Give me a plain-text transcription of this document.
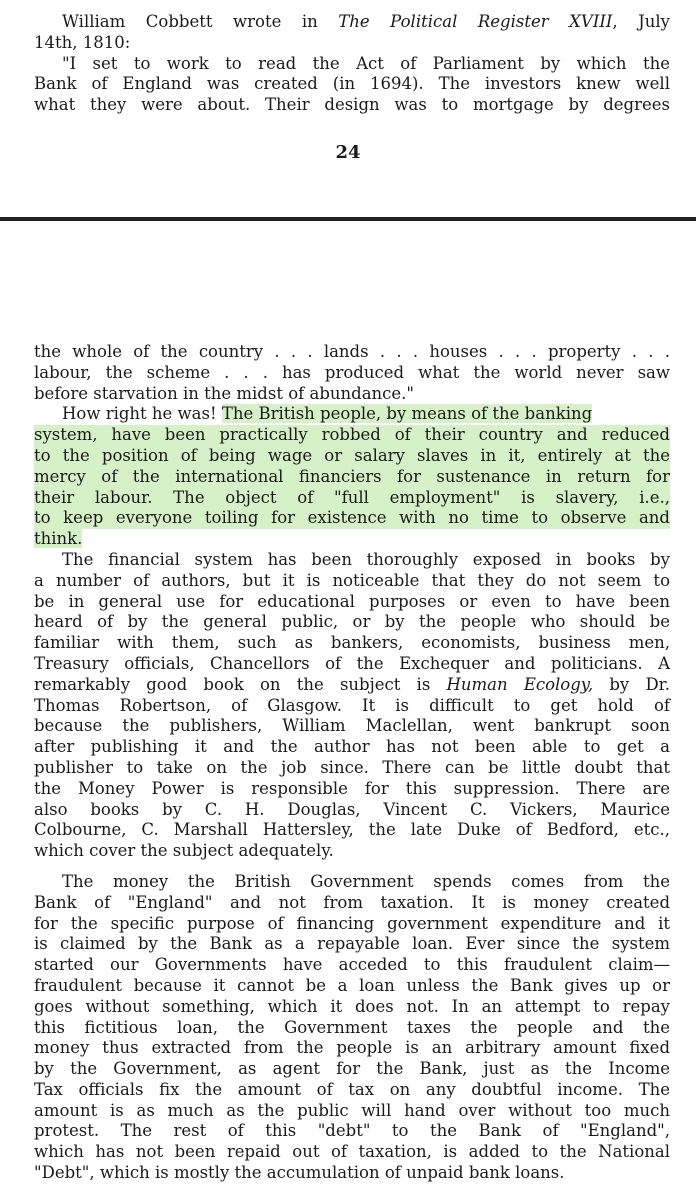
William Cobbett wrote in The Political Register XVIII, July
14th, 1810:
"I set to work to read the Act of Parliament by which the
Bank of England was created (in 1694). The investors knew well
what they were about. Their design was to mortgage by degrees
24
the whole of the country . . . lands . . . houses . . . property . . .
labour, the scheme . . . has produced what the world never saw
before starvation in the midst of abundance."
How right he was! The British people, by means of the banking
system, have been practically robbed of their country and reduced
to the position of being wage or salary slaves in it, entirely at the
mercy of the international financiers for sustenance in return for
their labour. The object of "full employment" is slavery, i.e.,
to keep everyone toiling for existence with no time to observe and
think.
The financial system has been thoroughly exposed in books by
a number of authors, but it is noticeable that they do not seem to
be in general use for educational purposes or even to have been
heard of by the general public, or by the people who should be
familiar with them, such as bankers, economists, business men,
Treasury officials, Chancellors of the Exchequer and politicians. A
remarkably good book on the subject is Human Ecology, by Dr.
Thomas Robertson, of Glasgow. It is difficult to get hold of
because the publishers, William Maclellan, went bankrupt soon
after publishing it and the author has not been able to get a
publisher to take on the job since. There can be little doubt that
the Money Power is responsible for this suppression. There are
also books by C. H. Douglas, Vincent C. Vickers, Maurice
Colbourne, C. Marshall Hattersley, the late Duke of Bedford, etc.,
which cover the subject adequately.
The money the British Government spends comes from the
Bank of "England" and not from taxation. It is money created
for the specific purpose of financing government expenditure and it
is claimed by the Bank as a repayable loan. Ever since the system
started our Governments have acceded to this fraudulent claim—
fraudulent because it cannot be a loan unless the Bank gives up or
goes without something, which it does not. In an attempt to repay
this fictitious loan, the Government taxes the people and the
money thus extracted from the people is an arbitrary amount fixed
by the Government, as agent for the Bank, just as the Income
Tax officials fix the amount of tax on any doubtful income. The
amount is as much as the public will hand over without too much
protest. The rest of this "debt" to the Bank of "England",
which has not been repaid out of taxation, is added to the National
"Debt", which is mostly the accumulation of unpaid bank loans.
